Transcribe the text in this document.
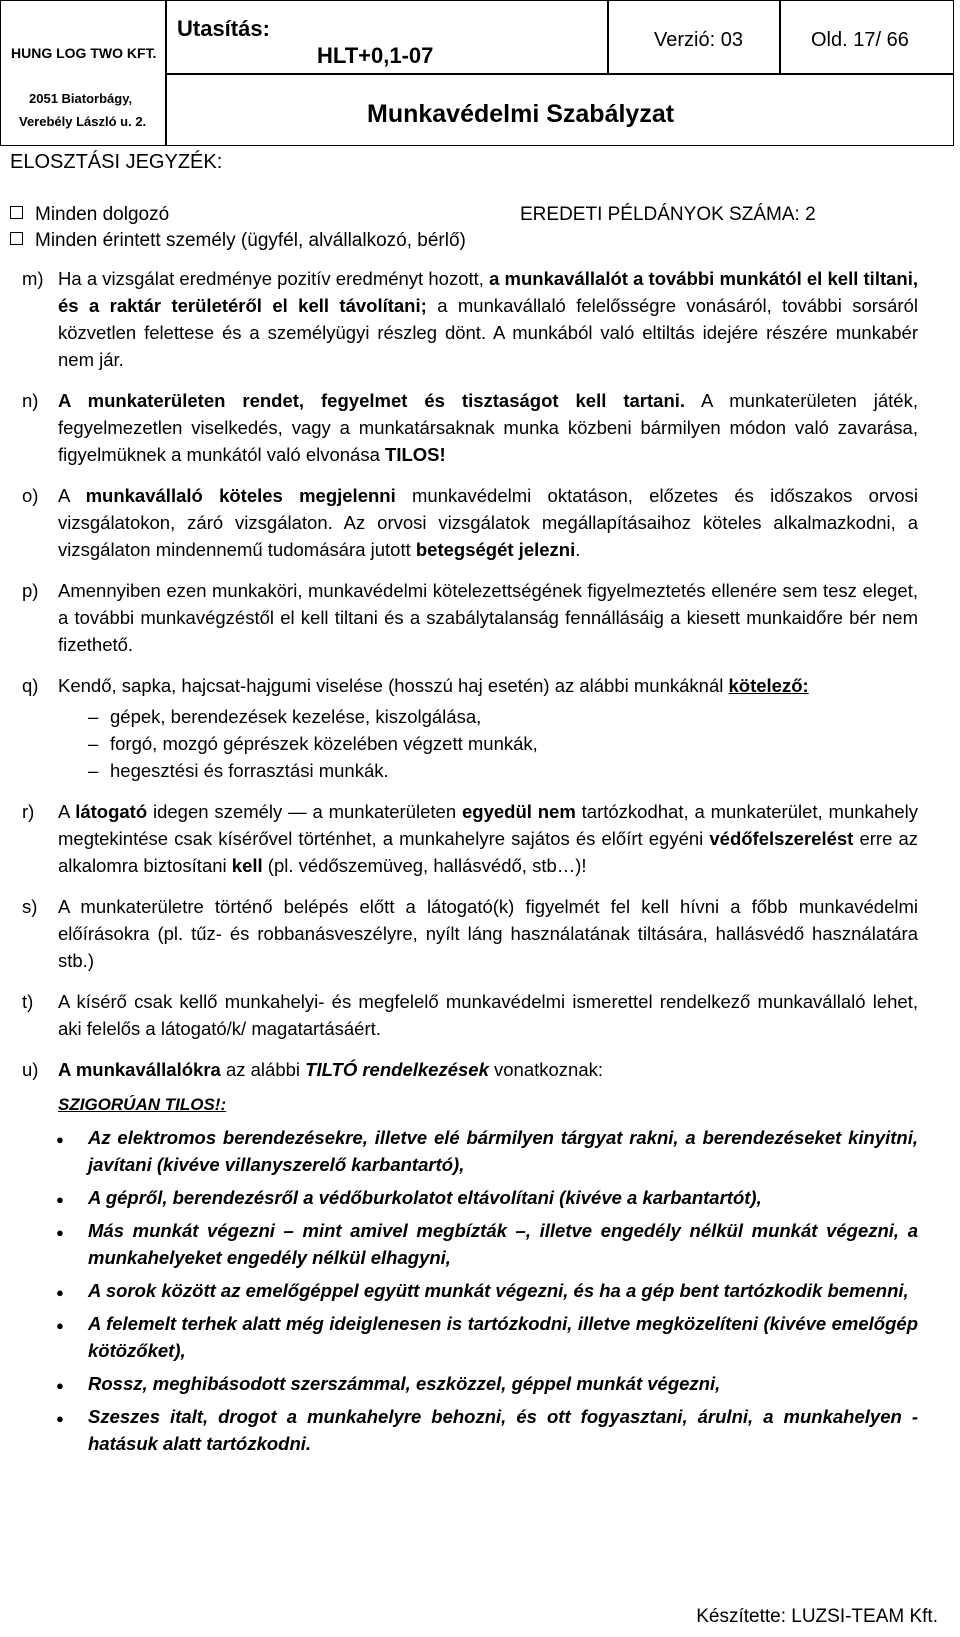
HUNG LOG TWO KFT.
2051 Biatorbágy,
Verebély László u. 2.
Utasítás:
HLT+0,1-07
Verzió: 03	Old. 17/ 66
Munkavédelmi Szabályzat
ELOSZTÁSI JEGYZÉK:
Minden dolgozó	EREDETI PÉLDÁNYOK SZÁMA: 2
Minden érintett személy (ügyfél, alvállalkozó, bérlő)

m) Ha a vizsgálat eredménye pozitív eredményt hozott, a munkavállalót a további munkától el kell tiltani, és a raktár területéről el kell távolítani; a munkavállaló felelősségre vonásáról, további sorsáról közvetlen felettese és a személyügyi részleg dönt. A munkából való eltiltás idejére részére munkabér nem jár.

n) A munkaterületen rendet, fegyelmet és tisztaságot kell tartani. A munkaterületen játék, fegyelmezetlen viselkedés, vagy a munkatársaknak munka közbeni bármilyen módon való zavarása, figyelmüknek a munkától való elvonása TILOS!

o) A munkavállaló köteles megjelenni munkavédelmi oktatáson, előzetes és időszakos orvosi vizsgálatokon, záró vizsgálaton. Az orvosi vizsgálatok megállapításaihoz köteles alkalmazkodni, a vizsgálaton mindennemű tudomására jutott betegségét jelezni.

p) Amennyiben ezen munkaköri, munkavédelmi kötelezettségének figyelmeztetés ellenére sem tesz eleget, a további munkavégzéstől el kell tiltani és a szabálytalanság fennállásáig a kiesett munkaidőre bér nem fizethető.

q) Kendő, sapka, hajcsat-hajgumi viselése (hosszú haj esetén) az alábbi munkáknál kötelező:
– gépek, berendezések kezelése, kiszolgálása,
– forgó, mozgó géprészek közelében végzett munkák,
– hegesztési és forrasztási munkák.

r) A látogató idegen személy — a munkaterületen egyedül nem tartózkodhat, a munkaterület, munkahely megtekintése csak kísérővel történhet, a munkahelyre sajátos és előírt egyéni védőfelszerelést erre az alkalomra biztosítani kell (pl. védőszemüveg, hallásvédő, stb…)!

s) A munkaterületre történő belépés előtt a látogató(k) figyelmét fel kell hívni a főbb munkavédelmi előírásokra (pl. tűz- és robbanásveszélyre, nyílt láng használatának tiltására, hallásvédő használatára stb.)

t) A kísérő csak kellő munkahelyi- és megfelelő munkavédelmi ismerettel rendelkező munkavállaló lehet, aki felelős a látogató/k/ magatartásáért.

u) A munkavállalókra az alábbi TILTÓ rendelkezések vonatkoznak:

SZIGORÚAN TILOS!:
● Az elektromos berendezésekre, illetve elé bármilyen tárgyat rakni, a berendezéseket kinyitni, javítani (kivéve villanyszerelő karbantartó),
● A gépről, berendezésről a védőburkolatot eltávolítani (kivéve a karbantartót),
● Más munkát végezni – mint amivel megbízták –, illetve engedély nélkül munkát végezni, a munkahelyeket engedély nélkül elhagyni,
● A sorok között az emelőgéppel együtt munkát végezni, és ha a gép bent tartózkodik bemenni,
● A felemelt terhek alatt még ideiglenesen is tartózkodni, illetve megközelíteni (kivéve emelőgép kötözőket),
● Rossz, meghibásodott szerszámmal, eszközzel, géppel munkát végezni,
● Szeszes italt, drogot a munkahelyre behozni, és ott fogyasztani, árulni, a munkahelyen - hatásuk alatt tartózkodni.
Készítette: LUZSI-TEAM Kft.
